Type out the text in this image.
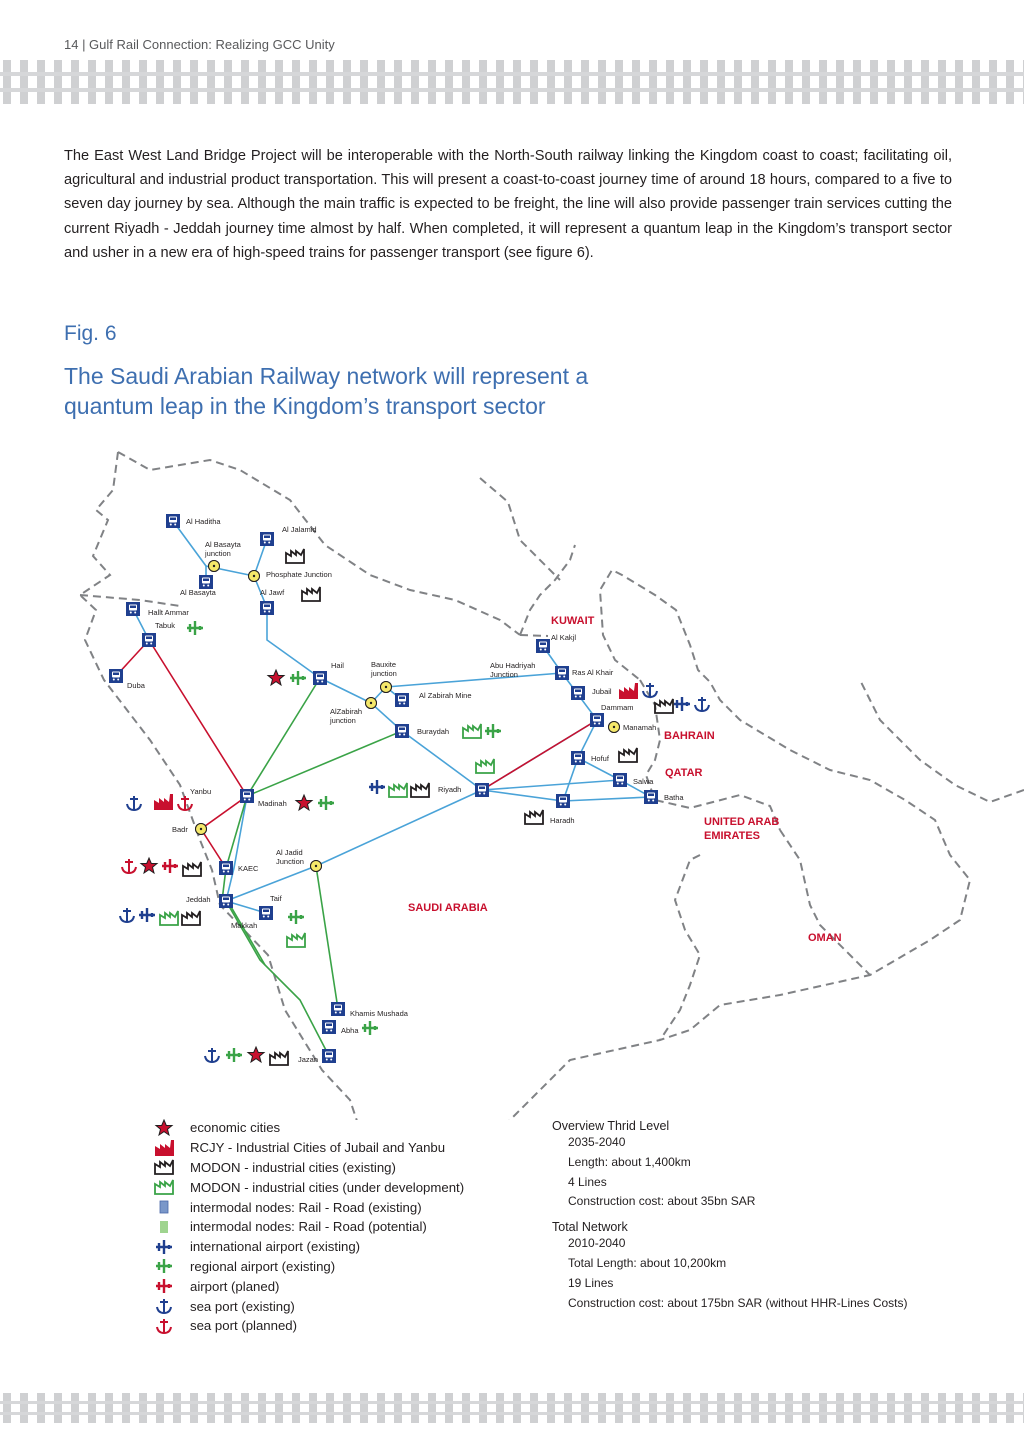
14 | Gulf Rail Connection: Realizing GCC Unity
The East West Land Bridge Project will be interoperable with the North-South railway linking the Kingdom coast to coast; facilitating oil, agricultural and industrial product transportation. This will present a coast-to-coast journey time of around 18 hours, compared to a five to seven day journey by sea. Although the main traffic is expected to be freight, the line will also provide passenger train services cutting the current Riyadh - Jeddah journey time almost by half. When completed, it will represent a quantum leap in the Kingdom’s transport sector and usher in a new era of high-speed trains for passenger transport (see figure 6).
Fig. 6
The Saudi Arabian Railway network will represent a quantum leap in the Kingdom’s transport sector
Al Haditha
Al Jalamid
Al Basayta
junction
Phosphate Junction
Al Basayta	Al Jawf
Hallt Ammar
Tabuk
Duba
Hail	Bauxite
junction
Al Zabirah Mine
AlZabirah
junction
Buraydah
Abu Hadriyah
Junction
Al Kakjl
Ras Al Khair
Jubail
Dammam
Manamah
Hofuf
Salwa
Batha
Haradh
Riyadh
Yanbu
Madinah
Badr
KAEC
Al Jadid
Junction
Jeddah
Makkah
Taif
Khamis Mushada
Abha
Jazan
KUWAIT
BAHRAIN
QATAR
UNITED ARAB
EMIRATES
SAUDI ARABIA
OMAN
economic cities
RCJY - Industrial Cities of Jubail and Yanbu
MODON - industrial cities (existing)
MODON - industrial cities (under development)
intermodal nodes: Rail - Road (existing)
intermodal nodes: Rail - Road (potential)
international airport (existing)
regional airport (existing)
airport (planed)
sea port (existing)
sea port (planned)
Overview Thrid Level
2035-2040
Length: about 1,400km
4 Lines
Construction cost: about 35bn SAR
Total Network
2010-2040
Total Length: about 10,200km
19 Lines
Construction cost: about 175bn SAR (without HHR-Lines Costs)
